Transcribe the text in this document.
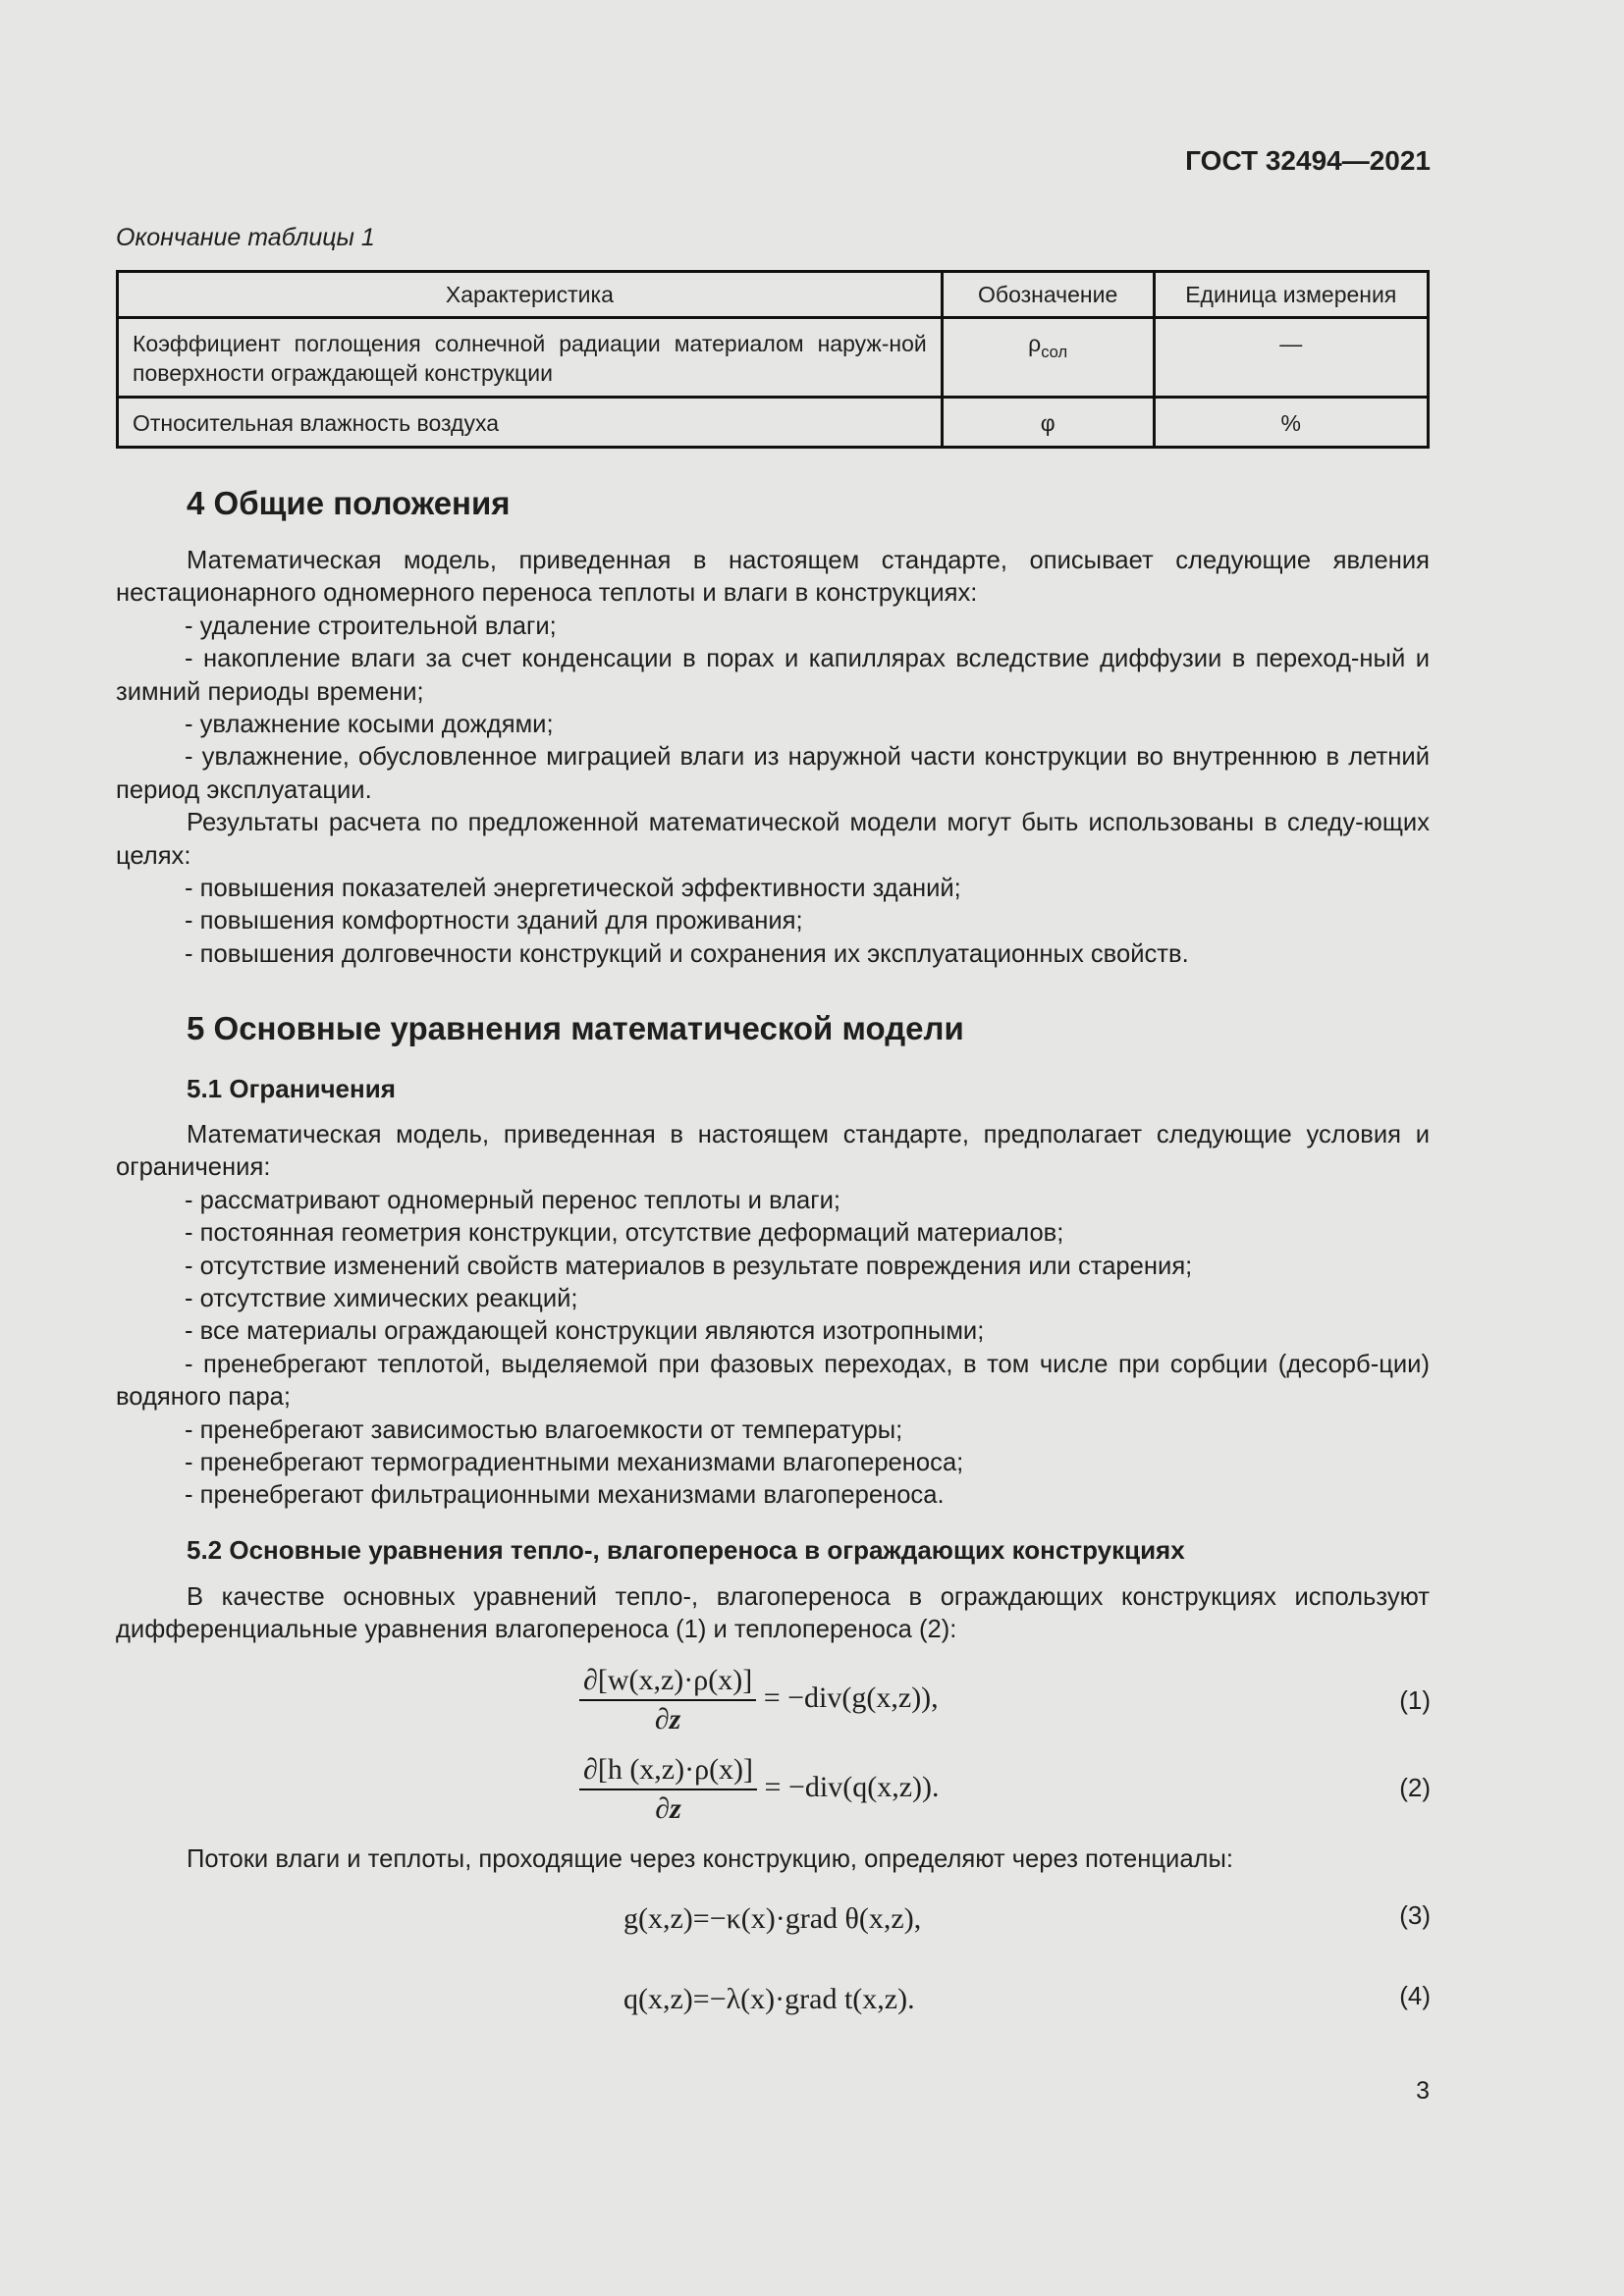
ГОСТ 32494—2021
Окончание таблицы 1
Характеристика	Обозначение	Единица измерения
Коэффициент поглощения солнечной радиации материалом наруж-ной поверхности ограждающей конструкции	$\rho_{сол}$	—
Относительная влажность воздуха	φ	%
4 Общие положения

Математическая модель, приведенная в настоящем стандарте, описывает следующие явления нестационарного одномерного переноса теплоты и влаги в конструкциях:

- удаление строительной влаги;

- накопление влаги за счет конденсации в порах и капиллярах вследствие диффузии в переход-ный и зимний периоды времени;

- увлажнение косыми дождями;

- увлажнение, обусловленное миграцией влаги из наружной части конструкции во внутреннюю в летний период эксплуатации.

Результаты расчета по предложенной математической модели могут быть использованы в следу-ющих целях:

- повышения показателей энергетической эффективности зданий;

- повышения комфортности зданий для проживания;

- повышения долговечности конструкций и сохранения их эксплуатационных свойств.

5 Основные уравнения математической модели
5.1 Ограничения

Математическая модель, приведенная в настоящем стандарте, предполагает следующие условия и ограничения:

- рассматривают одномерный перенос теплоты и влаги;

- постоянная геометрия конструкции, отсутствие деформаций материалов;

- отсутствие изменений свойств материалов в результате повреждения или старения;

- отсутствие химических реакций;

- все материалы ограждающей конструкции являются изотропными;

- пренебрегают теплотой, выделяемой при фазовых переходах, в том числе при сорбции (десорб-ции) водяного пара;

- пренебрегают зависимостью влагоемкости от температуры;

- пренебрегают термоградиентными механизмами влагопереноса;

- пренебрегают фильтрационными механизмами влагопереноса.

5.2 Основные уравнения тепло-, влагопереноса в ограждающих конструкциях

В качестве основных уравнений тепло-, влагопереноса в ограждающих конструкциях используют дифференциальные уравнения влагопереноса (1) и теплопереноса (2):

$\frac{\partial[w(x,z)\cdot\rho(x)]}{\partial z} = -div(g(x,z))$,	(1)
$\frac{\partial[h (x,z)\cdot\rho(x)]}{\partial z} = -div(q(x,z))$.	(2)

Потоки влаги и теплоты, проходящие через конструкцию, определяют через потенциалы:

g(x,z)=−κ(x)·grad θ(x,z),	(3)
q(x,z)=−λ(x)·grad t(x,z).	(4)
3
